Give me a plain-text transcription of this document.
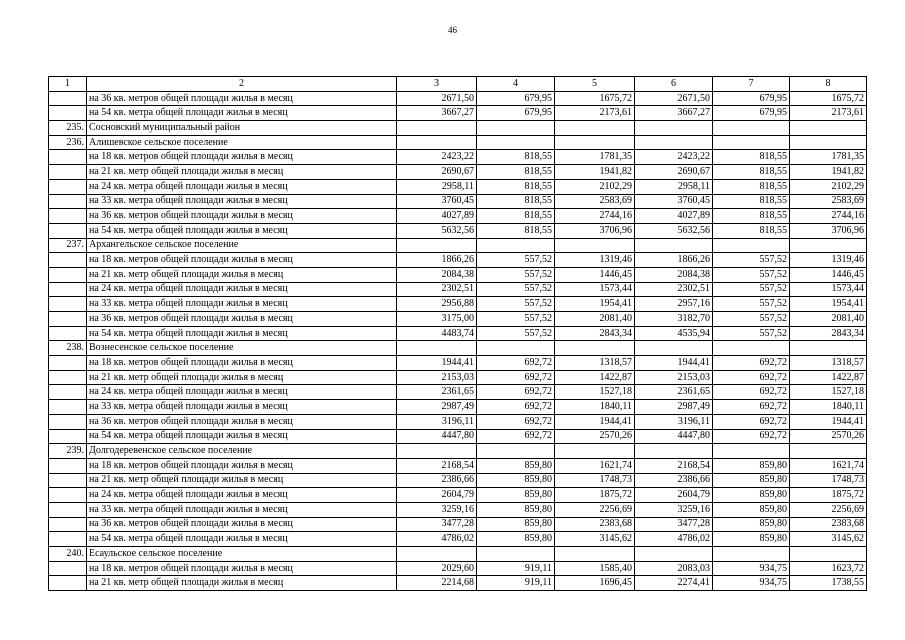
46
1	2	3	4	5	6	7	8
	на 36 кв. метров общей площади жилья в месяц	2671,50	679,95	1675,72	2671,50	679,95	1675,72
	на 54 кв. метра общей площади жилья в месяц	3667,27	679,95	2173,61	3667,27	679,95	2173,61
235.	Сосновский муниципальный район						
236.	Алишевское сельское поселение						
	на 18 кв. метров общей площади жилья в месяц	2423,22	818,55	1781,35	2423,22	818,55	1781,35
	на 21 кв. метр общей площади жилья в месяц	2690,67	818,55	1941,82	2690,67	818,55	1941,82
	на 24 кв. метра общей площади жилья в месяц	2958,11	818,55	2102,29	2958,11	818,55	2102,29
	на 33 кв. метра общей площади жилья в месяц	3760,45	818,55	2583,69	3760,45	818,55	2583,69
	на 36 кв. метров общей площади жилья в месяц	4027,89	818,55	2744,16	4027,89	818,55	2744,16
	на 54 кв. метра общей площади жилья в месяц	5632,56	818,55	3706,96	5632,56	818,55	3706,96
237.	Архангельское сельское поселение						
	на 18 кв. метров общей площади жилья в месяц	1866,26	557,52	1319,46	1866,26	557,52	1319,46
	на 21 кв. метр общей площади жилья в месяц	2084,38	557,52	1446,45	2084,38	557,52	1446,45
	на 24 кв. метра общей площади жилья в месяц	2302,51	557,52	1573,44	2302,51	557,52	1573,44
	на 33 кв. метра общей площади жилья в месяц	2956,88	557,52	1954,41	2957,16	557,52	1954,41
	на 36 кв. метров общей площади жилья в месяц	3175,00	557,52	2081,40	3182,70	557,52	2081,40
	на 54 кв. метра общей площади жилья в месяц	4483,74	557,52	2843,34	4535,94	557,52	2843,34
238.	Вознесенское сельское поселение						
	на 18 кв. метров общей площади жилья в месяц	1944,41	692,72	1318,57	1944,41	692,72	1318,57
	на 21 кв. метр общей площади жилья в месяц	2153,03	692,72	1422,87	2153,03	692,72	1422,87
	на 24 кв. метра общей площади жилья в месяц	2361,65	692,72	1527,18	2361,65	692,72	1527,18
	на 33 кв. метра общей площади жилья в месяц	2987,49	692,72	1840,11	2987,49	692,72	1840,11
	на 36 кв. метров общей площади жилья в месяц	3196,11	692,72	1944,41	3196,11	692,72	1944,41
	на 54 кв. метра общей площади жилья в месяц	4447,80	692,72	2570,26	4447,80	692,72	2570,26
239.	Долгодеревенское сельское поселение						
	на 18 кв. метров общей площади жилья в месяц	2168,54	859,80	1621,74	2168,54	859,80	1621,74
	на 21 кв. метр общей площади жилья в месяц	2386,66	859,80	1748,73	2386,66	859,80	1748,73
	на 24 кв. метра общей площади жилья в месяц	2604,79	859,80	1875,72	2604,79	859,80	1875,72
	на 33 кв. метра общей площади жилья в месяц	3259,16	859,80	2256,69	3259,16	859,80	2256,69
	на 36 кв. метров общей площади жилья в месяц	3477,28	859,80	2383,68	3477,28	859,80	2383,68
	на 54 кв. метра общей площади жилья в месяц	4786,02	859,80	3145,62	4786,02	859,80	3145,62
240.	Есаульское сельское поселение						
	на 18 кв. метров общей площади жилья в месяц	2029,60	919,11	1585,40	2083,03	934,75	1623,72
	на 21 кв. метр общей площади жилья в месяц	2214,68	919,11	1696,45	2274,41	934,75	1738,55
